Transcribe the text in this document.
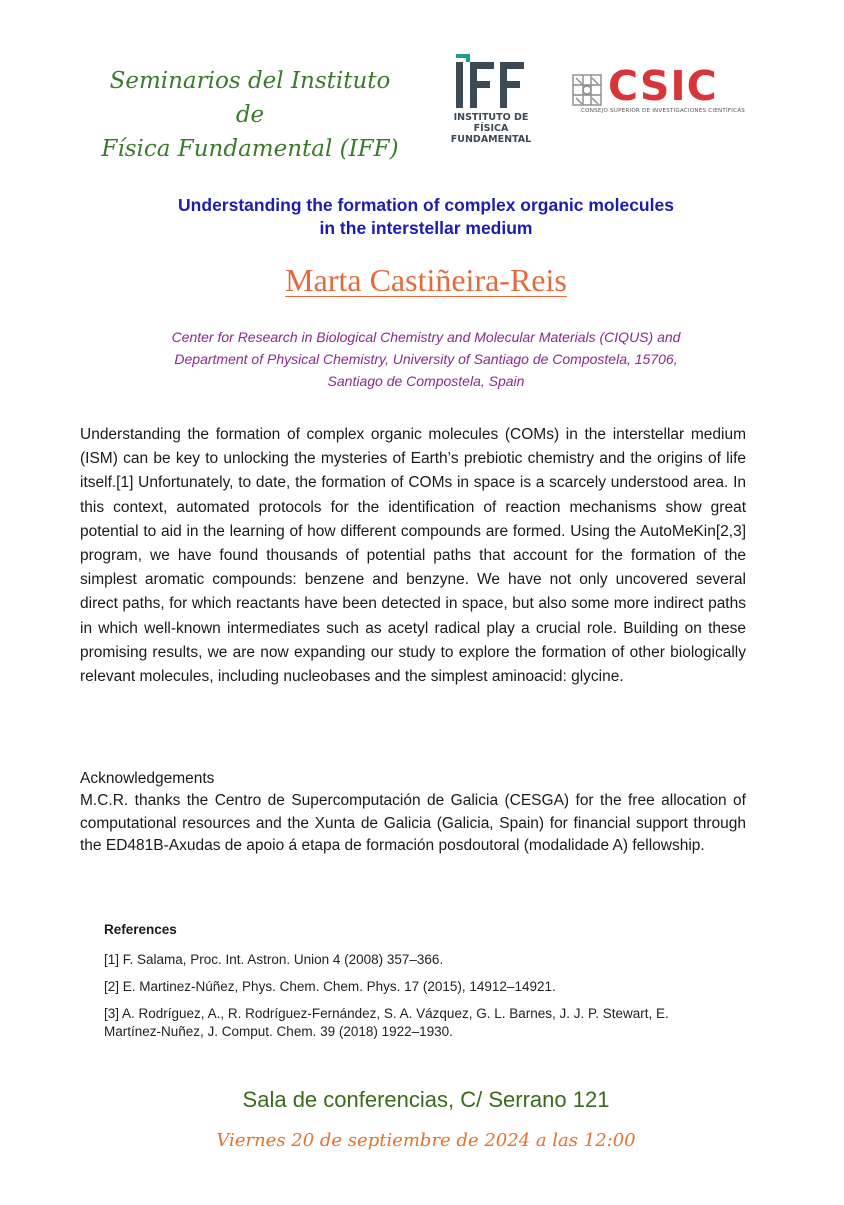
Seminarios del Instituto de
Física Fundamental (IFF)
IFF
INSTITUTO DE FÍSICA
FUNDAMENTAL
CSIC
CONSEJO SUPERIOR DE INVESTIGACIONES CIENTÍFICAS
Understanding the formation of complex organic molecules
in the interstellar medium
Marta Castiñeira-Reis
Center for Research in Biological Chemistry and Molecular Materials (CIQUS) and
Department of Physical Chemistry, University of Santiago de Compostela, 15706,
Santiago de Compostela, Spain

Understanding the formation of complex organic molecules (COMs) in the interstellar medium (ISM) can be key to unlocking the mysteries of Earth’s prebiotic chemistry and the origins of life itself.[1] Unfortunately, to date, the formation of COMs in space is a scarcely understood area. In this context, automated protocols for the identification of reaction mechanisms show great potential to aid in the learning of how different compounds are formed. Using the AutoMeKin[2,3] program, we have found thousands of potential paths that account for the formation of the simplest aromatic compounds: benzene and benzyne. We have not only uncovered several direct paths, for which reactants have been detected in space, but also some more indirect paths in which well-known intermediates such as acetyl radical play a crucial role. Building on these promising results, we are now expanding our study to explore the formation of other biologically relevant molecules, including nucleobases and the simplest aminoacid: glycine.

Acknowledgements

M.C.R. thanks the Centro de Supercomputación de Galicia (CESGA) for the free allocation of computational resources and the Xunta de Galicia (Galicia, Spain) for financial support through the ED481B-Axudas de apoio á etapa de formación posdoutoral (modalidade A) fellowship.

References
[1] F. Salama, Proc. Int. Astron. Union 4 (2008) 357–366.
[2] E. Martinez-Núñez, Phys. Chem. Chem. Phys. 17 (2015), 14912–14921.
[3] A. Rodríguez, A., R. Rodríguez-Fernández, S. A. Vázquez, G. L. Barnes, J. J. P. Stewart, E. Martínez-Nuñez, J. Comput. Chem. 39 (2018) 1922–1930.
Sala de conferencias, C/ Serrano 121
Viernes 20 de septiembre de 2024 a las 12:00
